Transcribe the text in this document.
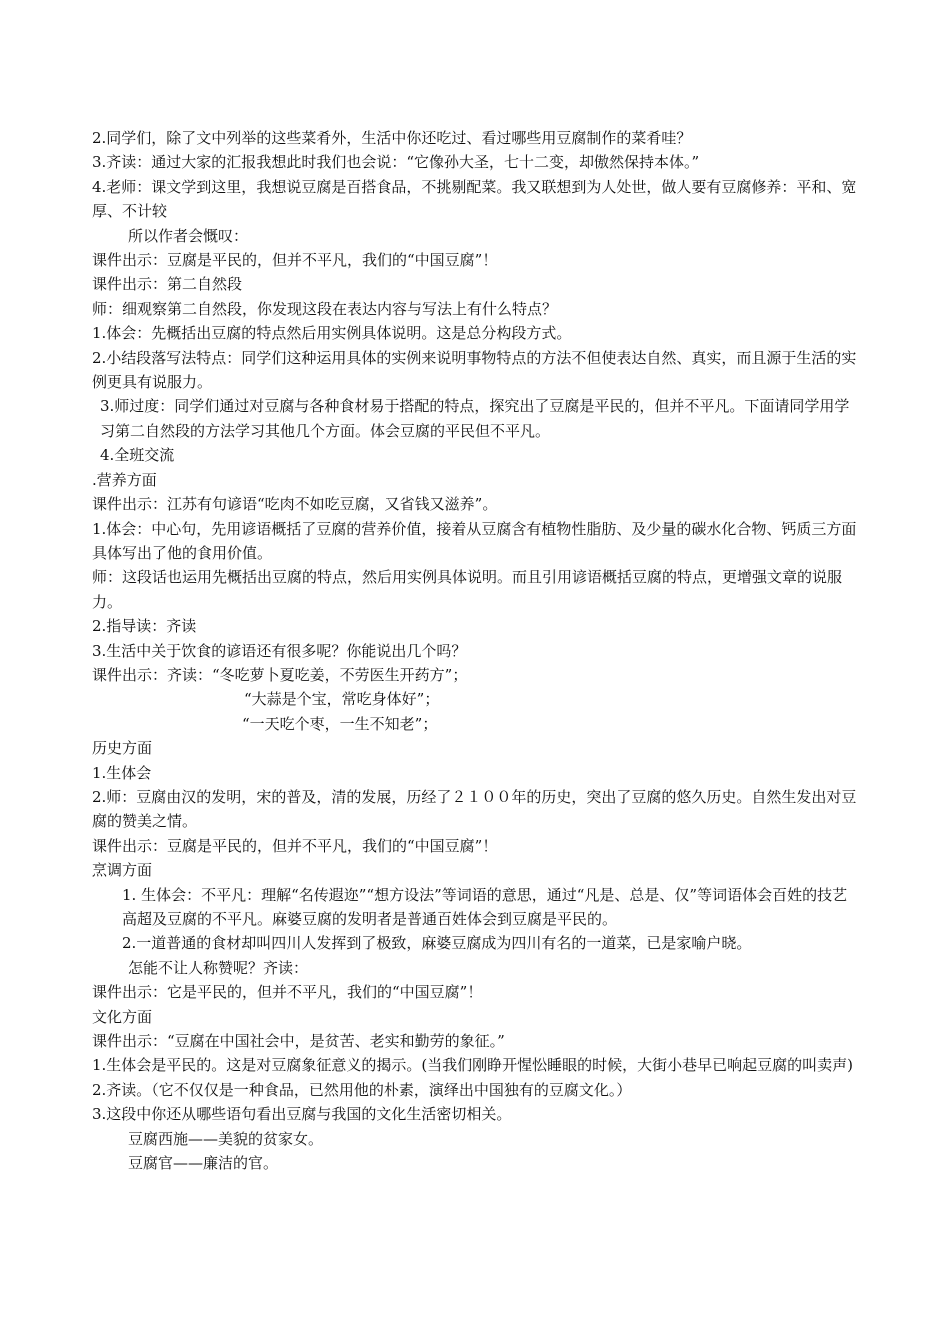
2.同学们，除了文中列举的这些菜肴外，生活中你还吃过、看过哪些用豆腐制作的菜肴哇？

3.齐读：通过大家的汇报我想此时我们也会说：“它像孙大圣，七十二变，却傲然保持本体。”

4.老师：课文学到这里，我想说豆腐是百搭食品，不挑剔配菜。我又联想到为人处世，做人要有豆腐修养：平和、宽厚、不计较

所以作者会慨叹：

课件出示：豆腐是平民的，但并不平凡，我们的“中国豆腐”！

课件出示：第二自然段

师：细观察第二自然段，你发现这段在表达内容与写法上有什么特点？

1.体会：先概括出豆腐的特点然后用实例具体说明。这是总分构段方式。

2.小结段落写法特点：同学们这种运用具体的实例来说明事物特点的方法不但使表达自然、真实，而且源于生活的实例更具有说服力。

3.师过度：同学们通过对豆腐与各种食材易于搭配的特点，探究出了豆腐是平民的，但并不平凡。下面请同学用学习第二自然段的方法学习其他几个方面。体会豆腐的平民但不平凡。

4.全班交流

.营养方面

课件出示：江苏有句谚语“吃肉不如吃豆腐，又省钱又滋养”。

1.体会：中心句，先用谚语概括了豆腐的营养价值，接着从豆腐含有植物性脂肪、及少量的碳水化合物、钙质三方面具体写出了他的食用价值。

师：这段话也运用先概括出豆腐的特点，然后用实例具体说明。而且引用谚语概括豆腐的特点，更增强文章的说服力。

2.指导读：齐读

3.生活中关于饮食的谚语还有很多呢？你能说出几个吗？

课件出示：齐读：“冬吃萝卜夏吃姜，不劳医生开药方”；

“大蒜是个宝，常吃身体好”；

“一天吃个枣，一生不知老”；

历史方面

1.生体会

2.师：豆腐由汉的发明，宋的普及，清的发展，历经了２１００年的历史，突出了豆腐的悠久历史。自然生发出对豆腐的赞美之情。

课件出示：豆腐是平民的，但并不平凡，我们的“中国豆腐”！

烹调方面

1. 生体会：不平凡：理解“名传遐迩”“想方设法”等词语的意思，通过“凡是、总是、仅”等词语体会百姓的技艺高超及豆腐的不平凡。麻婆豆腐的发明者是普通百姓体会到豆腐是平民的。

2.一道普通的食材却叫四川人发挥到了极致，麻婆豆腐成为四川有名的一道菜，已是家喻户晓。

怎能不让人称赞呢？齐读：

课件出示：它是平民的，但并不平凡，我们的“中国豆腐”！

文化方面

课件出示：“豆腐在中国社会中，是贫苦、老实和勤劳的象征。”

1.生体会是平民的。这是对豆腐象征意义的揭示。(当我们刚睁开惺忪睡眼的时候，大街小巷早已响起豆腐的叫卖声)

2.齐读。（它不仅仅是一种食品，已然用他的朴素，演绎出中国独有的豆腐文化。）

3.这段中你还从哪些语句看出豆腐与我国的文化生活密切相关。

豆腐西施——美貌的贫家女。

豆腐官——廉洁的官。
